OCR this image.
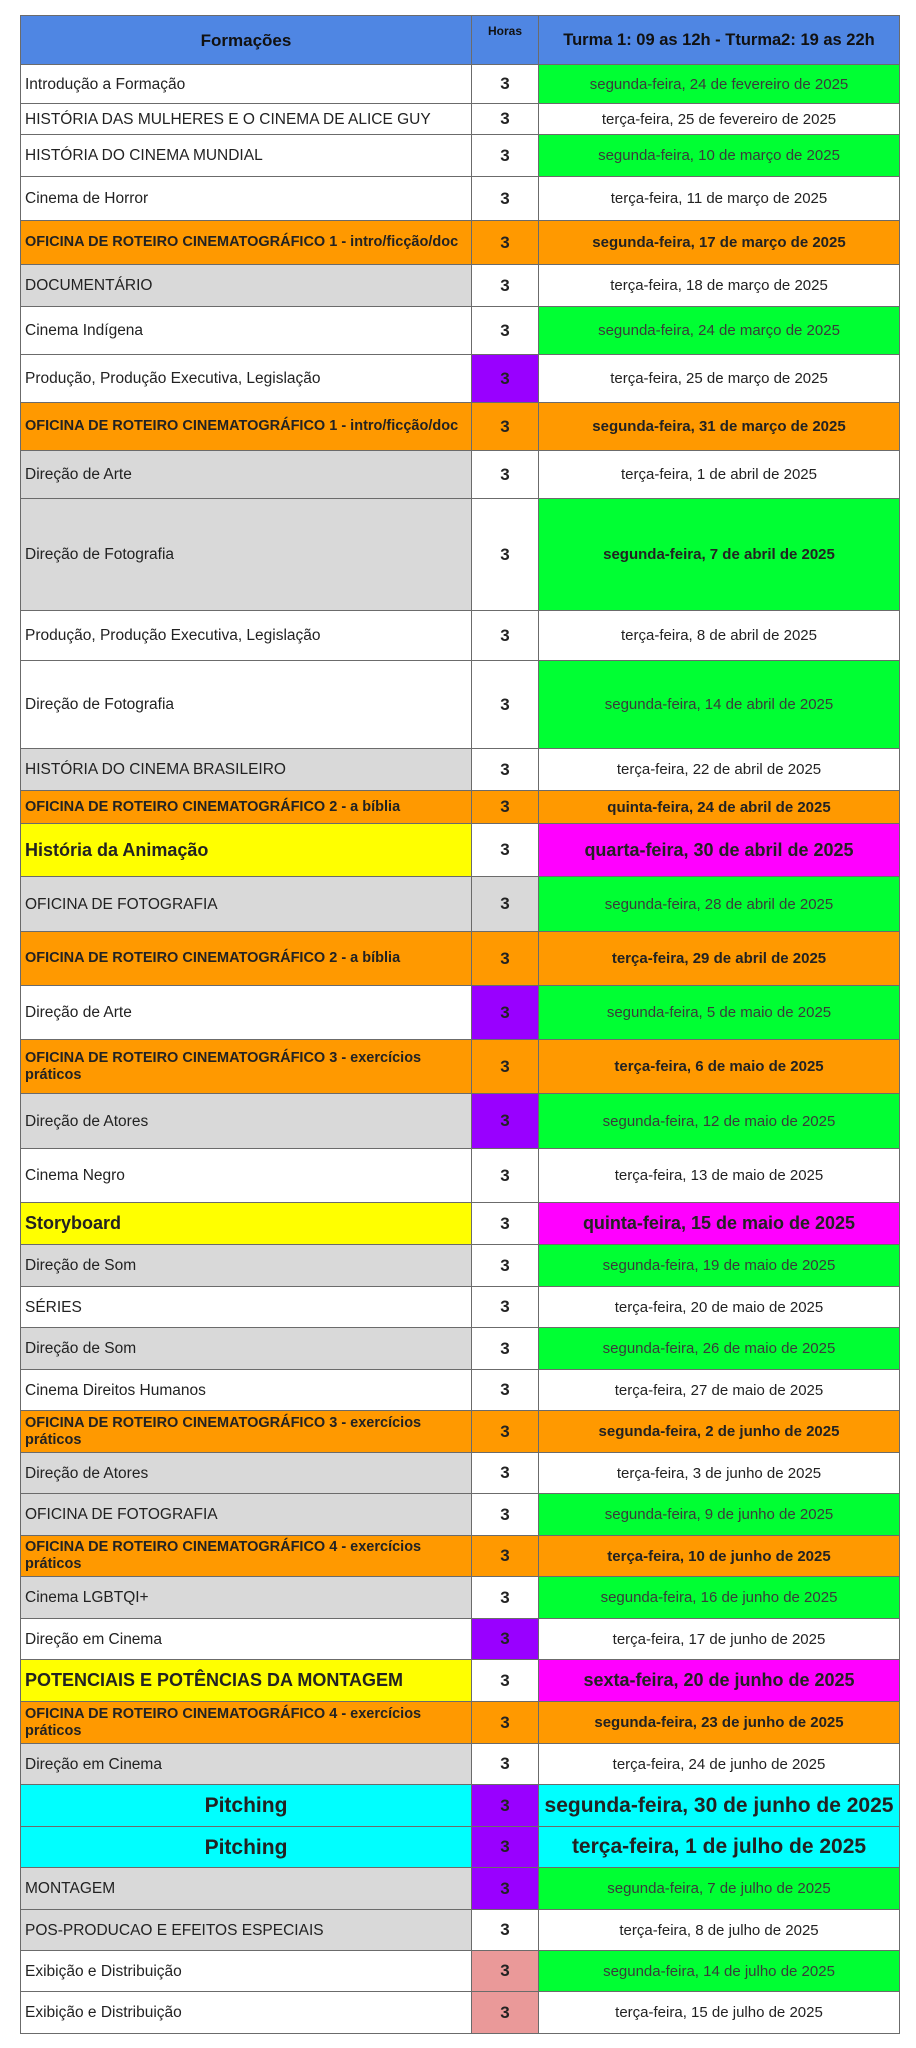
Formações	Horas	Turma 1: 09 as 12h - Tturma2: 19 as 22h
Introdução a Formação	3	segunda-feira, 24 de fevereiro de 2025
HISTÓRIA DAS MULHERES E O CINEMA DE ALICE GUY	3	terça-feira, 25 de fevereiro de 2025
HISTÓRIA DO CINEMA MUNDIAL	3	segunda-feira, 10 de março de 2025
Cinema de Horror	3	terça-feira, 11 de março de 2025
OFICINA DE ROTEIRO CINEMATOGRÁFICO 1 - intro/ficção/doc	3	segunda-feira, 17 de março de 2025
DOCUMENTÁRIO	3	terça-feira, 18 de março de 2025
Cinema Indígena	3	segunda-feira, 24 de março de 2025
Produção, Produção Executiva, Legislação	3	terça-feira, 25 de março de 2025
OFICINA DE ROTEIRO CINEMATOGRÁFICO 1 - intro/ficção/doc	3	segunda-feira, 31 de março de 2025
Direção de Arte	3	terça-feira, 1 de abril de 2025
Direção de Fotografia	3	segunda-feira, 7 de abril de 2025
Produção, Produção Executiva, Legislação	3	terça-feira, 8 de abril de 2025
Direção de Fotografia	3	segunda-feira, 14 de abril de 2025
HISTÓRIA DO CINEMA BRASILEIRO	3	terça-feira, 22 de abril de 2025
OFICINA DE ROTEIRO CINEMATOGRÁFICO 2 - a bíblia	3	quinta-feira, 24 de abril de 2025
História da Animação	3	quarta-feira, 30 de abril de 2025
OFICINA DE FOTOGRAFIA	3	segunda-feira, 28 de abril de 2025
OFICINA DE ROTEIRO CINEMATOGRÁFICO 2 - a bíblia	3	terça-feira, 29 de abril de 2025
Direção de Arte	3	segunda-feira, 5 de maio de 2025
OFICINA DE ROTEIRO CINEMATOGRÁFICO 3 - exercícios práticos	3	terça-feira, 6 de maio de 2025
Direção de Atores	3	segunda-feira, 12 de maio de 2025
Cinema Negro	3	terça-feira, 13 de maio de 2025
Storyboard	3	quinta-feira, 15 de maio de 2025
Direção de Som	3	segunda-feira, 19 de maio de 2025
SÉRIES	3	terça-feira, 20 de maio de 2025
Direção de Som	3	segunda-feira, 26 de maio de 2025
Cinema Direitos Humanos	3	terça-feira, 27 de maio de 2025
OFICINA DE ROTEIRO CINEMATOGRÁFICO 3 - exercícios práticos	3	segunda-feira, 2 de junho de 2025
Direção de Atores	3	terça-feira, 3 de junho de 2025
OFICINA DE FOTOGRAFIA	3	segunda-feira, 9 de junho de 2025
OFICINA DE ROTEIRO CINEMATOGRÁFICO 4 - exercícios práticos	3	terça-feira, 10 de junho de 2025
Cinema LGBTQI+	3	segunda-feira, 16 de junho de 2025
Direção em Cinema	3	terça-feira, 17 de junho de 2025
POTENCIAIS E POTÊNCIAS DA MONTAGEM	3	sexta-feira, 20 de junho de 2025
OFICINA DE ROTEIRO CINEMATOGRÁFICO 4 - exercícios práticos	3	segunda-feira, 23 de junho de 2025
Direção em Cinema	3	terça-feira, 24 de junho de 2025
Pitching	3	segunda-feira, 30 de junho de 2025
Pitching	3	terça-feira, 1 de julho de 2025
MONTAGEM	3	segunda-feira, 7 de julho de 2025
POS-PRODUCAO E EFEITOS ESPECIAIS	3	terça-feira, 8 de julho de 2025
Exibição e Distribuição	3	segunda-feira, 14 de julho de 2025
Exibição e Distribuição	3	terça-feira, 15 de julho de 2025
